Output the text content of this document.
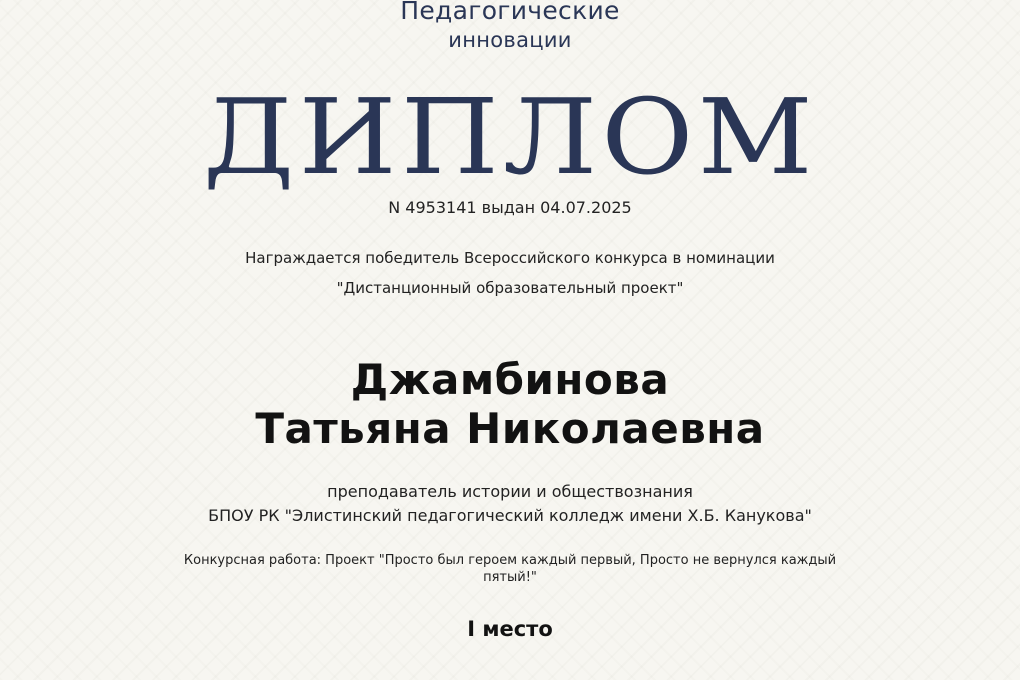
Педагогические
инновации
ДИПЛОМ
N 4953141 выдан 04.07.2025
Награждается победитель Всероссийского конкурса в номинации
"Дистанционный образовательный проект"
Джамбинова
Татьяна Николаевна
преподаватель истории и обществознания
БПОУ РК "Элистинский педагогический колледж имени Х.Б. Канукова"
Конкурсная работа: Проект "Просто был героем каждый первый, Просто не вернулся каждый
пятый!"
I место
